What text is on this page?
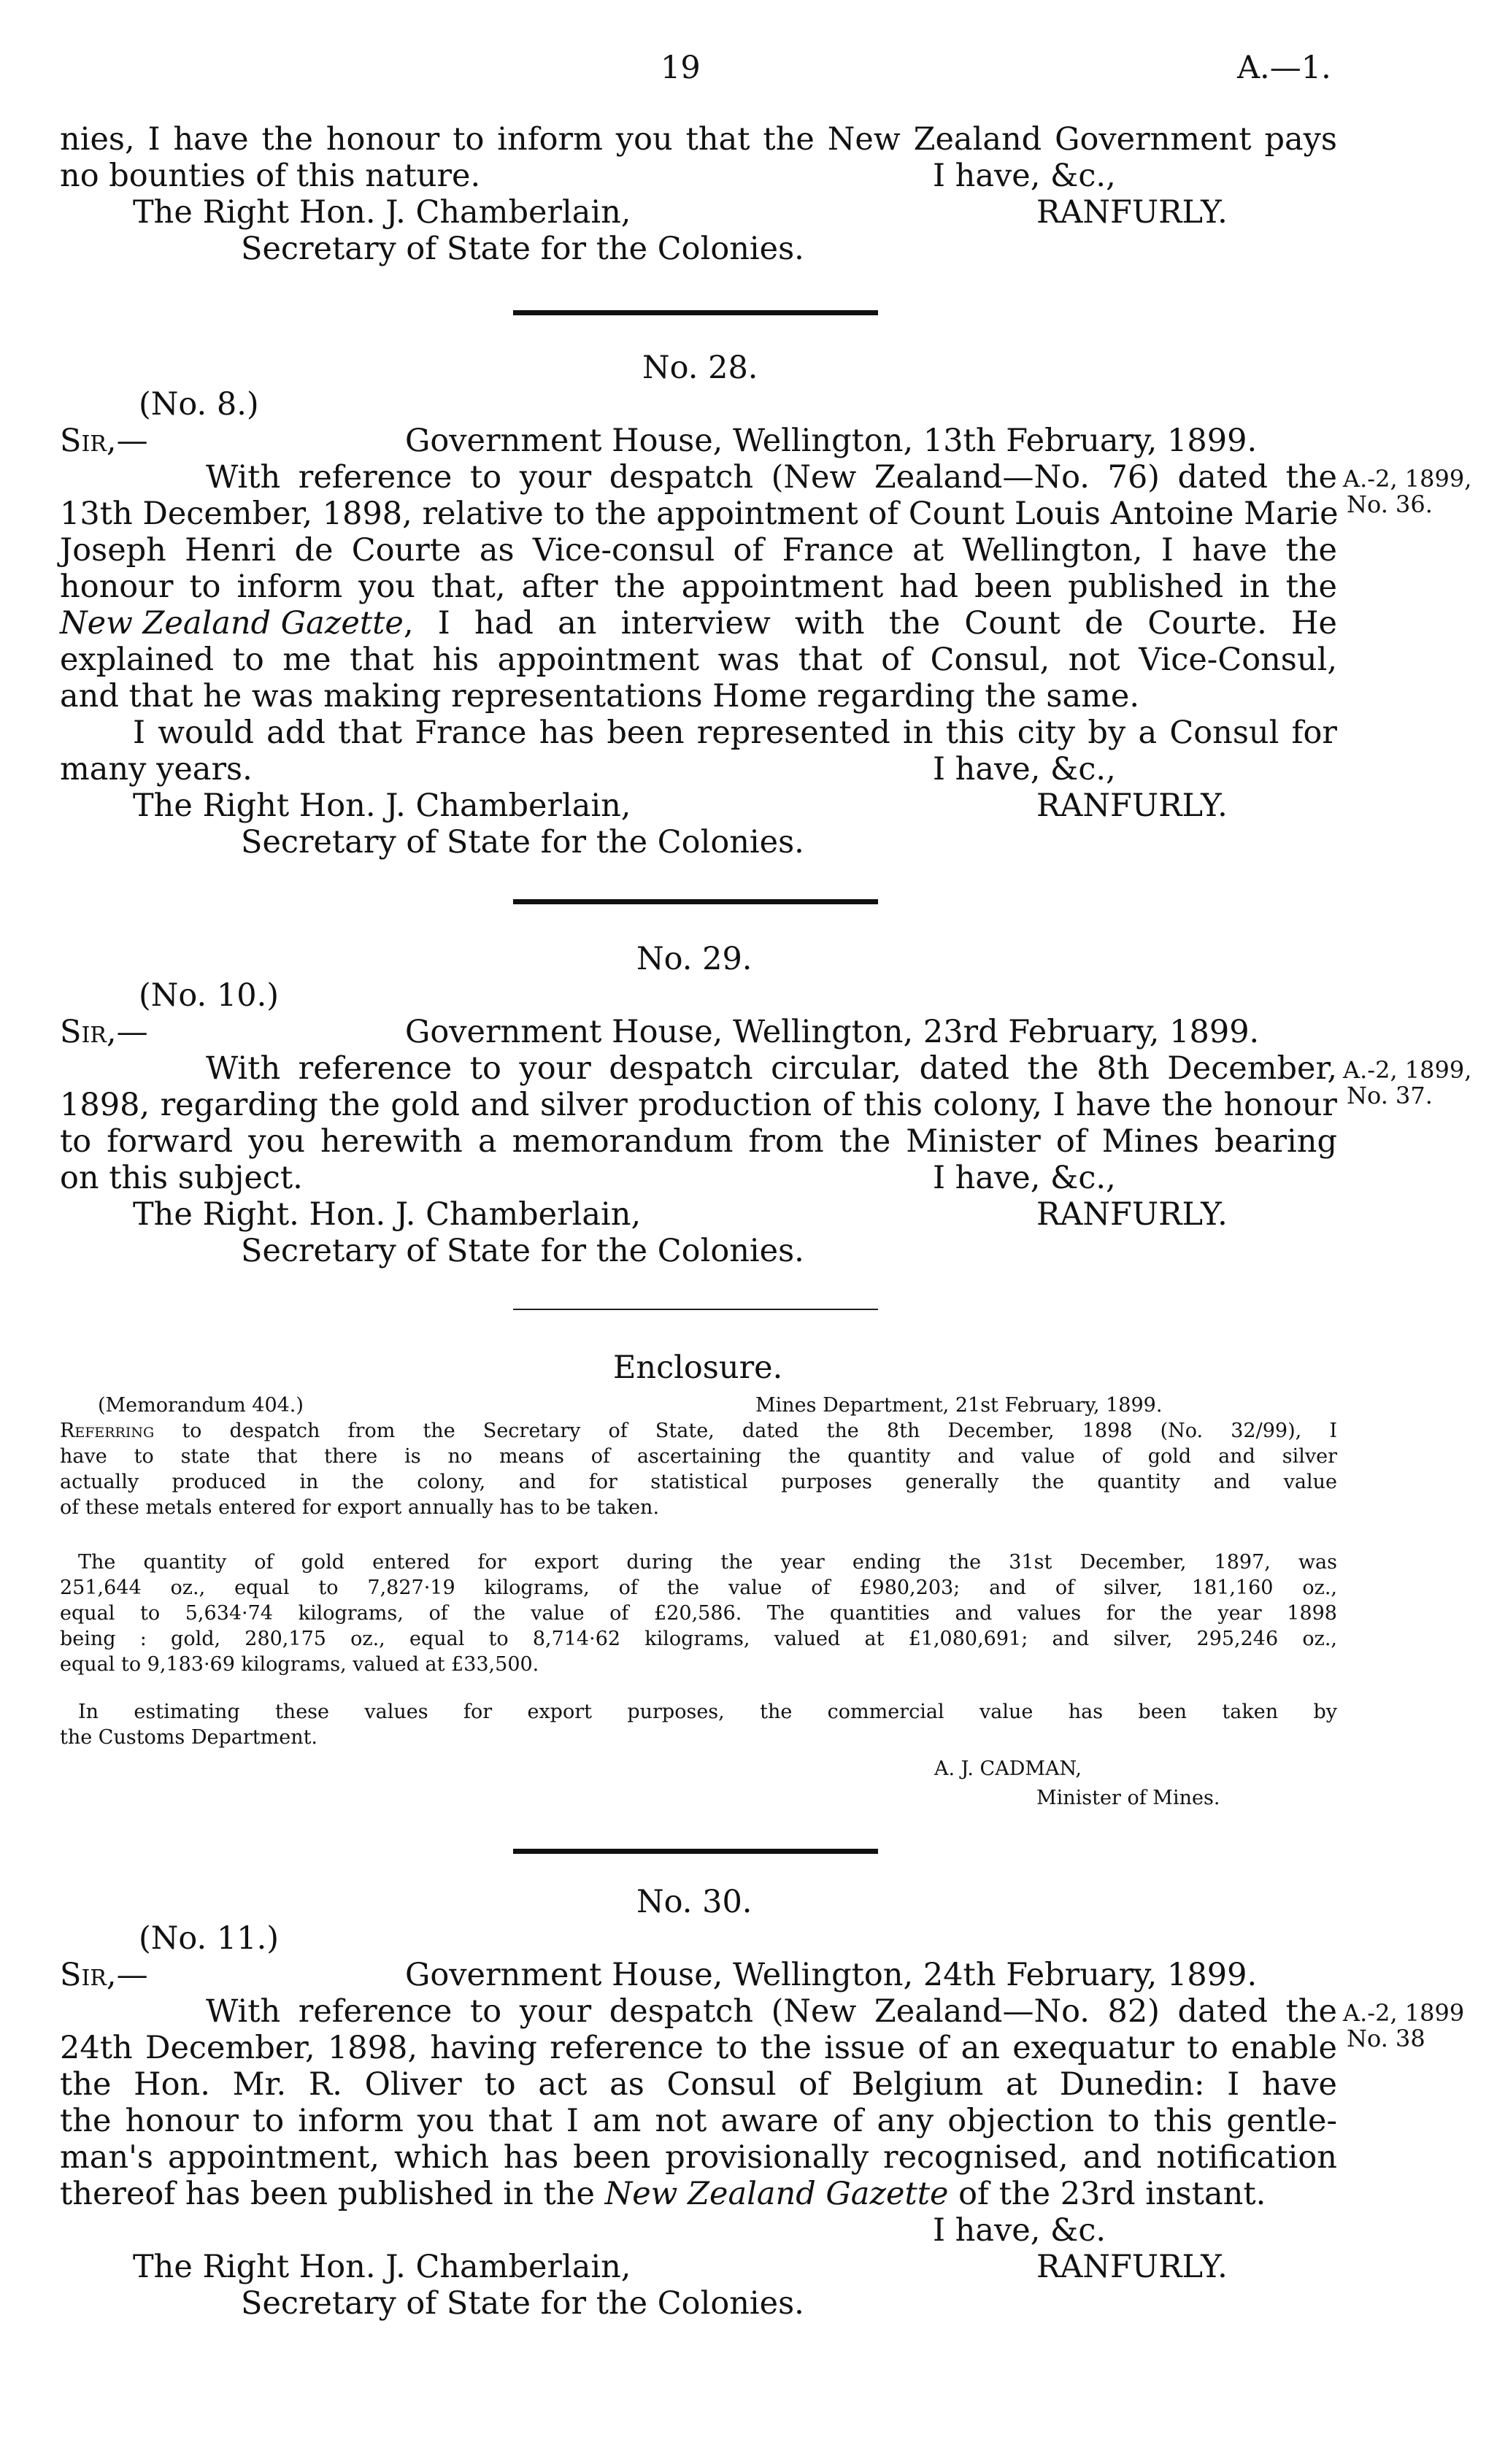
19	A.—1.
nies, I have the honour to inform you that the New Zealand Government pays
no bounties of this nature.	I have, &c.,
The Right Hon. J. Chamberlain,	RANFURLY.
Secretary of State for the Colonies.
No. 28.
(No. 8.)
Sir,—	Government House, Wellington, 13th February, 1899.
With reference to your despatch (New Zealand—No. 76) dated the A.-2, 1899,
13th December, 1898, relative to the appointment of Count Louis Antoine Marie No. 36.
Joseph Henri de Courte as Vice-consul of France at Wellington, I have the
honour to inform you that, after the appointment had been published in the
New Zealand Gazette , I had an interview with the Count de Courte. He
explained to me that his appointment was that of Consul, not Vice-Consul,
and that he was making representations Home regarding the same.
I would add that France has been represented in this city by a Consul for
many years.	I have, &c.,
The Right Hon. J. Chamberlain,	RANFURLY.
Secretary of State for the Colonies.
No. 29.
(No. 10.)
Sir,—	Government House, Wellington, 23rd February, 1899.
With reference to your despatch circular, dated the 8th December, A.-2, 1899,
1898, regarding the gold and silver production of this colony, I have the honour No. 37.
to forward you herewith a memorandum from the Minister of Mines bearing
on this subject.	I have, &c.,
The Right. Hon. J. Chamberlain,	RANFURLY.
Secretary of State for the Colonies.
Enclosure.
(Memorandum 404.)	Mines Department, 21st February, 1899.
Referring to despatch from the Secretary of State, dated the 8th December, 1898 (No. 32/99), I
have to state that there is no means of ascertaining the quantity and value of gold and silver
actually produced in the colony, and for statistical purposes generally the quantity and value
of these metals entered for export annually has to be taken.
The quantity of gold entered for export during the year ending the 31st December, 1897, was
251,644 oz., equal to 7,827·19 kilograms, of the value of £980,203; and of silver, 181,160 oz.,
equal to 5,634·74 kilograms, of the value of £20,586. The quantities and values for the year 1898
being : gold, 280,175 oz., equal to 8,714·62 kilograms, valued at £1,080,691; and silver, 295,246 oz.,
equal to 9,183·69 kilograms, valued at £33,500.
In estimating these values for export purposes, the commercial value has been taken by
the Customs Department.
A. J. CADMAN,
Minister of Mines.
No. 30.
(No. 11.)
Sir,—	Government House, Wellington, 24th February, 1899.
With reference to your despatch (New Zealand—No. 82) dated the A.-2, 1899
24th December, 1898, having reference to the issue of an exequatur to enable No. 38
the Hon. Mr. R. Oliver to act as Consul of Belgium at Dunedin: I have
the honour to inform you that I am not aware of any objection to this gentle-
man's appointment, which has been provisionally recognised, and notification
thereof has been published in the New Zealand Gazette of the 23rd instant.
I have, &c.
The Right Hon. J. Chamberlain,	RANFURLY.
Secretary of State for the Colonies.
